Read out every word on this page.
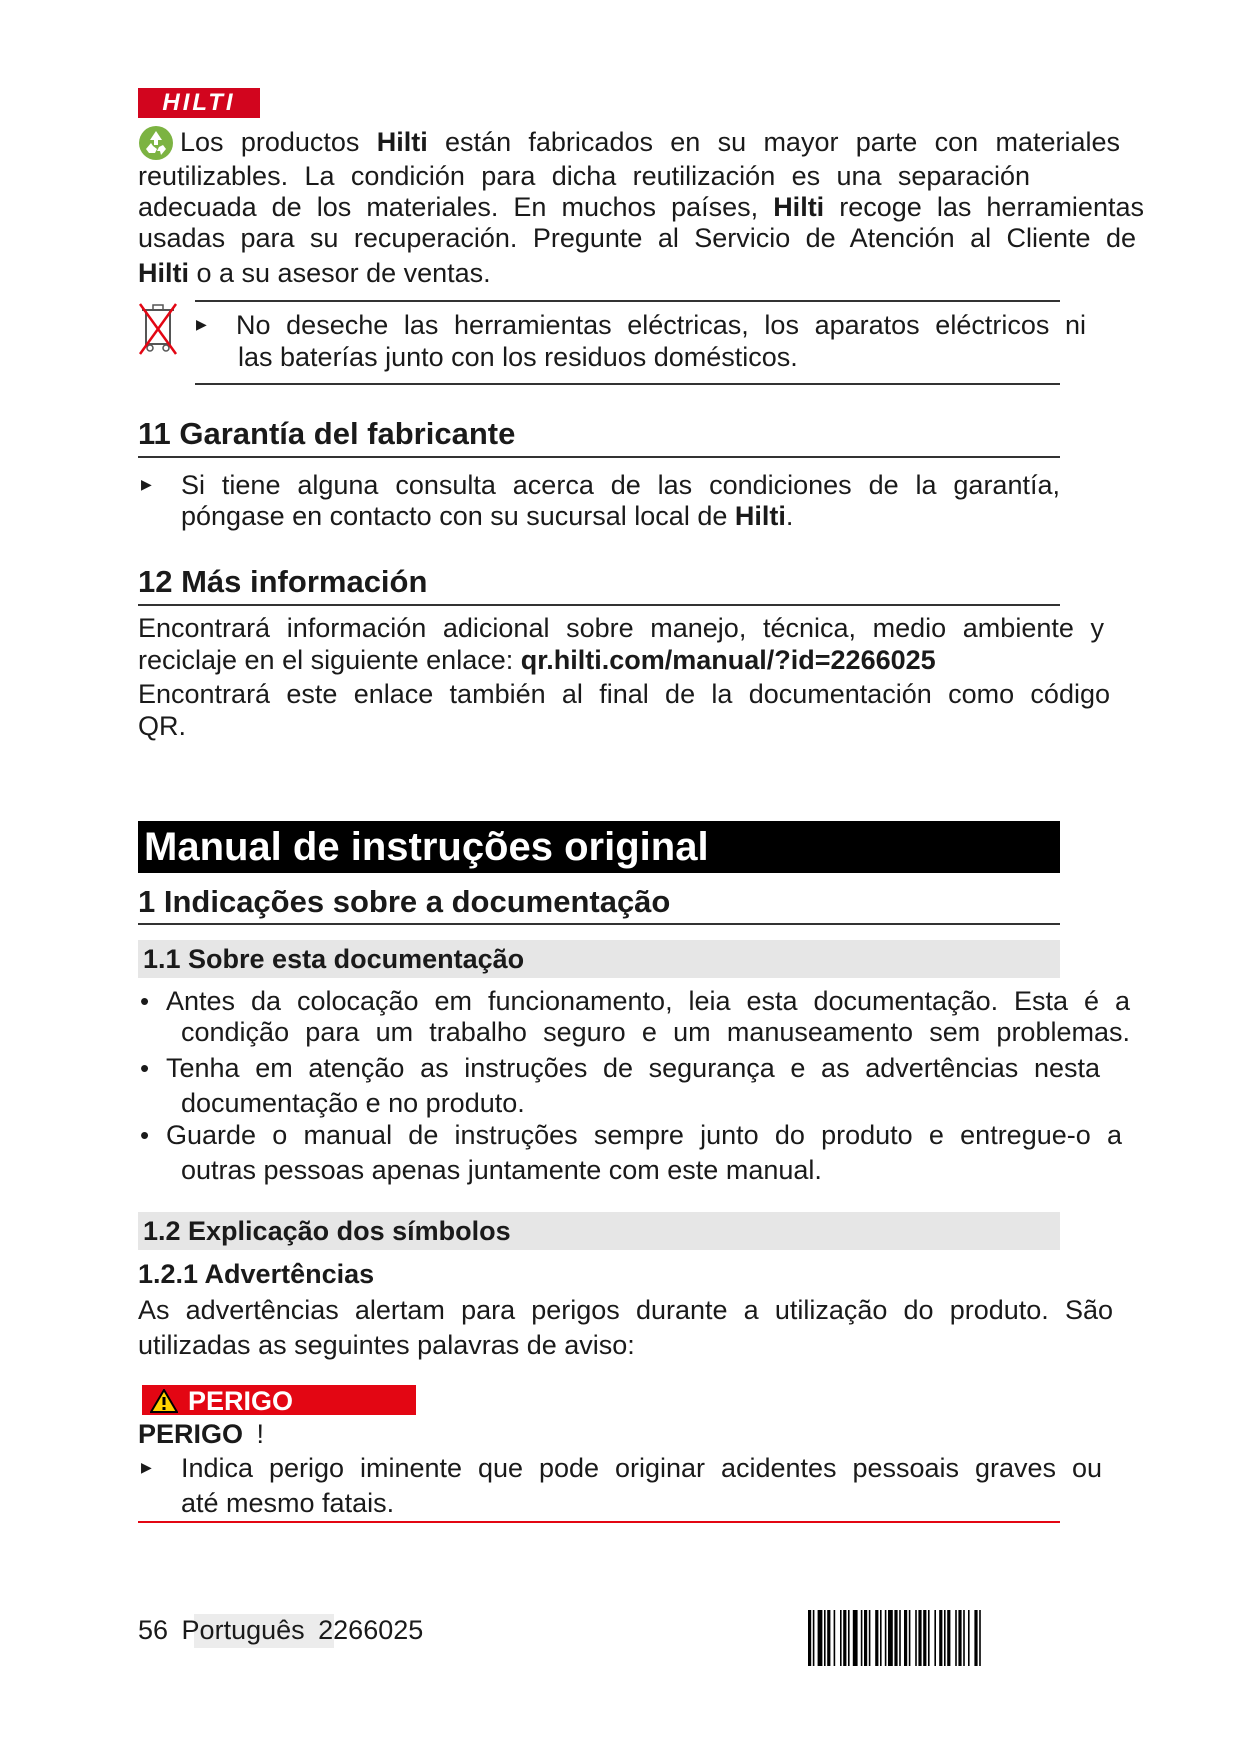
HILTI
Los productos Hilti están fabricados en su mayor parte con materiales
reutilizables. La condición para dicha reutilización es una separación
adecuada de los materiales. En muchos países, Hilti recoge las herramientas
usadas para su recuperación. Pregunte al Servicio de Atención al Cliente de
Hilti o a su asesor de ventas.
▶ No deseche las herramientas eléctricas, los aparatos eléctricos ni
las baterías junto con los residuos domésticos.
11 Garantía del fabricante
▶ Si tiene alguna consulta acerca de las condiciones de la garantía,
póngase en contacto con su sucursal local de Hilti.
12 Más información
Encontrará información adicional sobre manejo, técnica, medio ambiente y
reciclaje en el siguiente enlace: qr.hilti.com/manual/?id=2266025
Encontrará este enlace también al final de la documentación como código
QR.
Manual de instruções original
1 Indicações sobre a documentação
1.1 Sobre esta documentação
• Antes da colocação em funcionamento, leia esta documentação. Esta é a
condição para um trabalho seguro e um manuseamento sem problemas.
• Tenha em atenção as instruções de segurança e as advertências nesta
documentação e no produto.
• Guarde o manual de instruções sempre junto do produto e entregue-o a
outras pessoas apenas juntamente com este manual.
1.2 Explicação dos símbolos
1.2.1 Advertências
As advertências alertam para perigos durante a utilização do produto. São
utilizadas as seguintes palavras de aviso:
PERIGO
PERIGO  !
▶ Indica perigo iminente que pode originar acidentes pessoais graves ou
até mesmo fatais.
56  Português  2266025
